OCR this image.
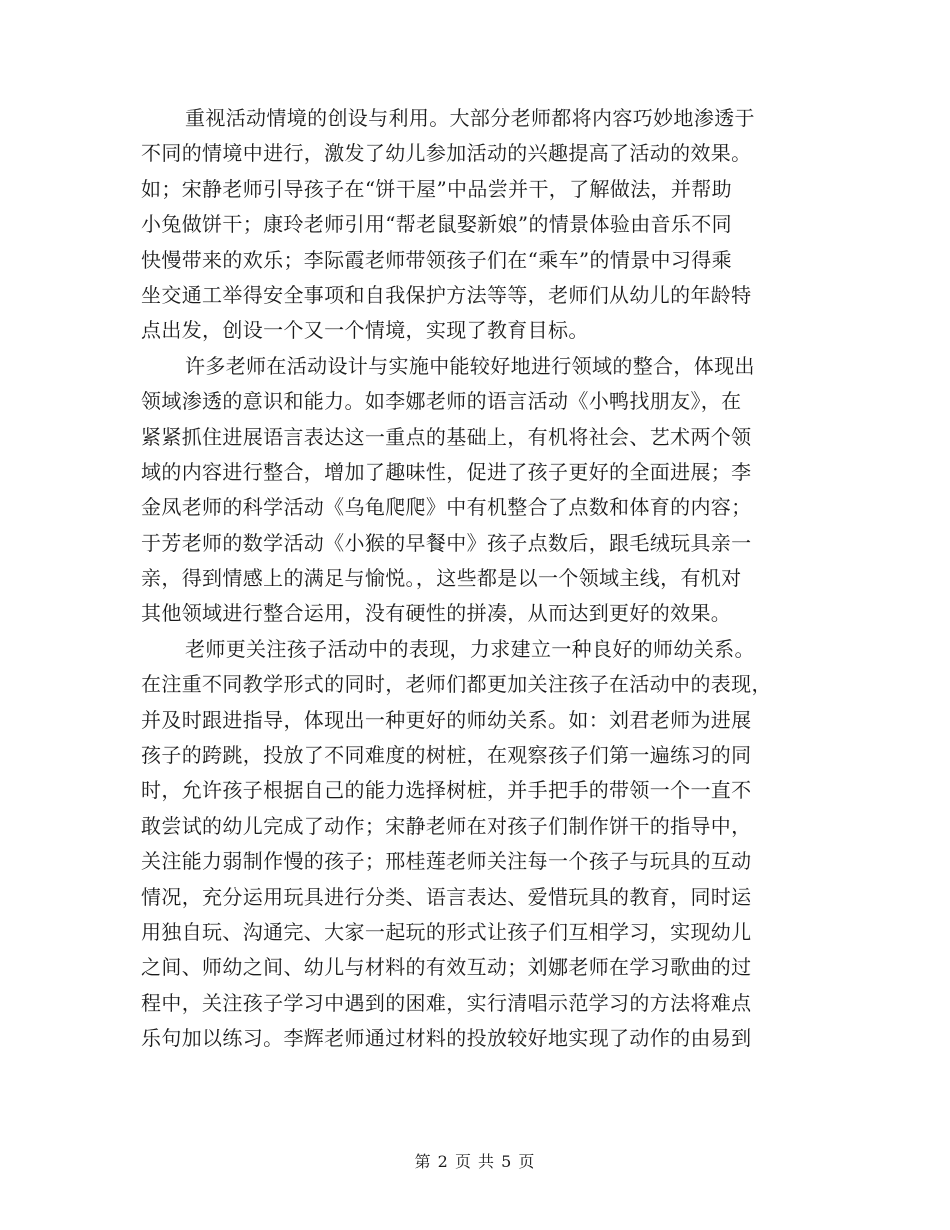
重视活动情境的创设与利用。大部分老师都将内容巧妙地渗透于
不同的情境中进行，激发了幼儿参加活动的兴趣提高了活动的效果。
如；宋静老师引导孩子在“饼干屋”中品尝并干，了解做法，并帮助
小兔做饼干；康玲老师引用“帮老鼠娶新娘”的情景体验由音乐不同
快慢带来的欢乐；李际霞老师带领孩子们在“乘车”的情景中习得乘
坐交通工举得安全事项和自我保护方法等等，老师们从幼儿的年龄特
点出发，创设一个又一个情境，实现了教育目标。
许多老师在活动设计与实施中能较好地进行领域的整合，体现出
领域渗透的意识和能力。如李娜老师的语言活动《小鸭找朋友》，在
紧紧抓住进展语言表达这一重点的基础上，有机将社会、艺术两个领
域的内容进行整合，增加了趣味性，促进了孩子更好的全面进展；李
金凤老师的科学活动《乌龟爬爬》中有机整合了点数和体育的内容；
于芳老师的数学活动《小猴的早餐中》孩子点数后，跟毛绒玩具亲一
亲，得到情感上的满足与愉悦。，这些都是以一个领域主线，有机对
其他领域进行整合运用，没有硬性的拼凑，从而达到更好的效果。
老师更关注孩子活动中的表现，力求建立一种良好的师幼关系。
在注重不同教学形式的同时，老师们都更加关注孩子在活动中的表现，
并及时跟进指导，体现出一种更好的师幼关系。如：刘君老师为进展
孩子的跨跳，投放了不同难度的树桩，在观察孩子们第一遍练习的同
时，允许孩子根据自己的能力选择树桩，并手把手的带领一个一直不
敢尝试的幼儿完成了动作；宋静老师在对孩子们制作饼干的指导中，
关注能力弱制作慢的孩子；邢桂莲老师关注每一个孩子与玩具的互动
情况，充分运用玩具进行分类、语言表达、爱惜玩具的教育，同时运
用独自玩、沟通完、大家一起玩的形式让孩子们互相学习，实现幼儿
之间、师幼之间、幼儿与材料的有效互动；刘娜老师在学习歌曲的过
程中，关注孩子学习中遇到的困难，实行清唱示范学习的方法将难点
乐句加以练习。李辉老师通过材料的投放较好地实现了动作的由易到
第 2 页 共 5 页
